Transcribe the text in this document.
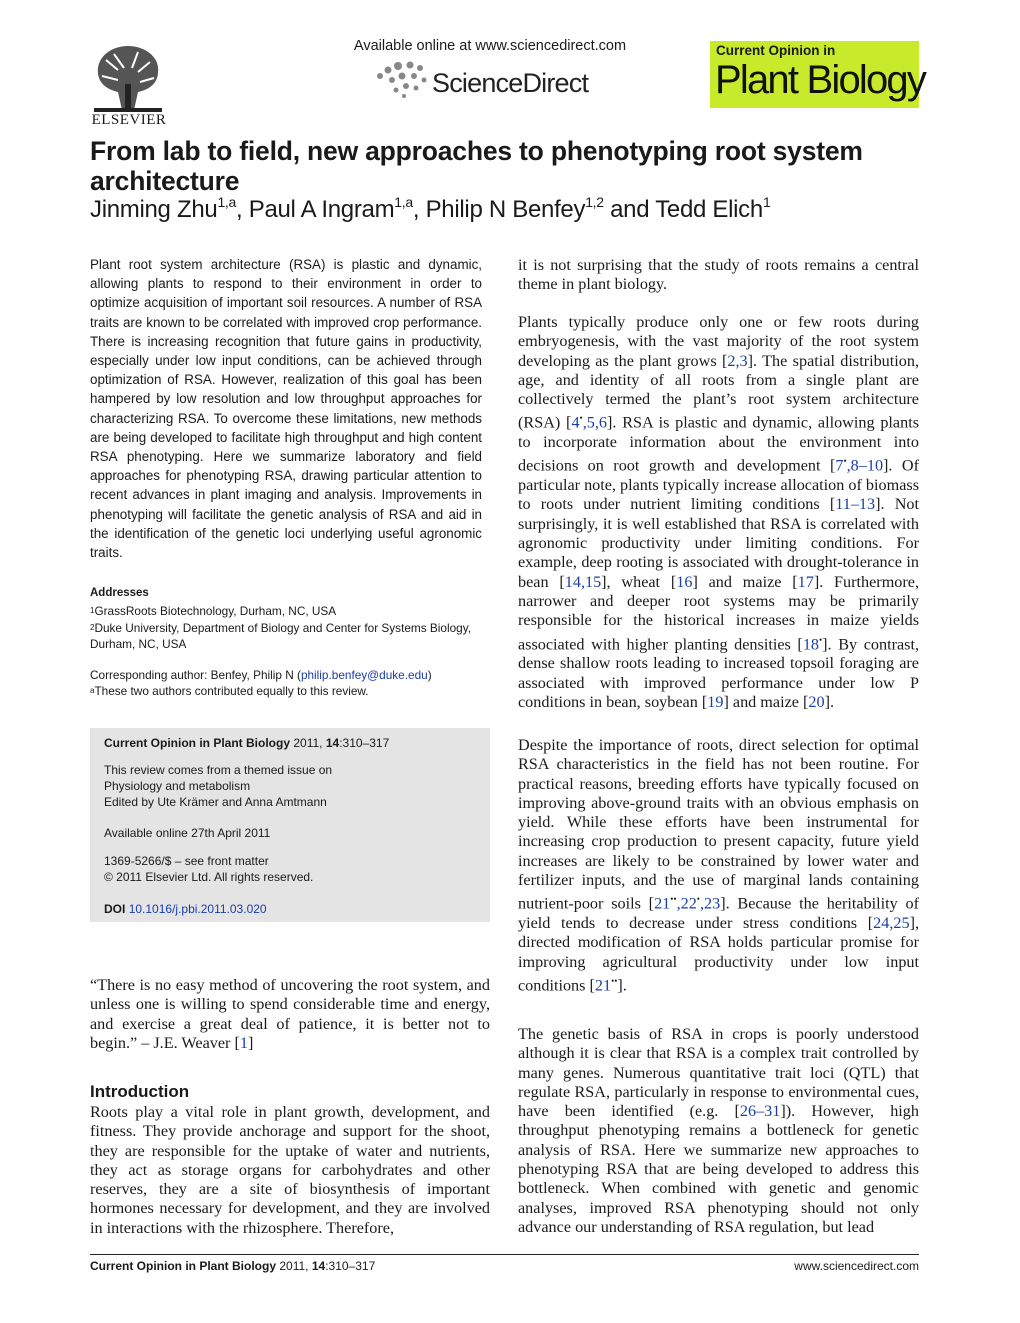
ELSEVIER
Available online at www.sciencedirect.com
ScienceDirect
Current Opinion in
Plant Biology
From lab to field, new approaches to phenotyping root system architecture
Jinming Zhu$^{1,a}$, Paul A Ingram$^{1,a}$, Philip N Benfey$^{1,2}$ and Tedd Elich$^1$
Plant root system architecture (RSA) is plastic and dynamic, allowing plants to respond to their environment in order to optimize acquisition of important soil resources. A number of RSA traits are known to be correlated with improved crop performance. There is increasing recognition that future gains in productivity, especially under low input conditions, can be achieved through optimization of RSA. However, realization of this goal has been hampered by low resolution and low throughput approaches for characterizing RSA. To overcome these limitations, new methods are being developed to facilitate high throughput and high content RSA phenotyping. Here we summarize laboratory and field approaches for phenotyping RSA, drawing particular attention to recent advances in plant imaging and analysis. Improvements in phenotyping will facilitate the genetic analysis of RSA and aid in the identification of the genetic loci underlying useful agronomic traits.
Addresses
$^1$GrassRoots Biotechnology, Durham, NC, USA
$^2$Duke University, Department of Biology and Center for Systems Biology, Durham, NC, USA
Corresponding author: Benfey, Philip N (philip.benfey@duke.edu)
$^a$These two authors contributed equally to this review.
Current Opinion in Plant Biology 2011, 14:310–317
This review comes from a themed issue on
Physiology and metabolism
Edited by Ute Krämer and Anna Amtmann
Available online 27th April 2011
1369-5266/$ – see front matter
© 2011 Elsevier Ltd. All rights reserved.
DOI 10.1016/j.pbi.2011.03.020
“There is no easy method of uncovering the root system, and unless one is willing to spend considerable time and energy, and exercise a great deal of patience, it is better not to begin.” – J.E. Weaver [1]
Introduction
Roots play a vital role in plant growth, development, and fitness. They provide anchorage and support for the shoot, they are responsible for the uptake of water and nutrients, they act as storage organs for carbohydrates and other reserves, they are a site of biosynthesis of important hormones necessary for development, and they are involved in interactions with the rhizosphere. Therefore,
it is not surprising that the study of roots remains a central theme in plant biology.
Plants typically produce only one or few roots during embryogenesis, with the vast majority of the root system developing as the plant grows [2,3]. The spatial distribution, age, and identity of all roots from a single plant are collectively termed the plant’s root system architecture (RSA) [4•,5,6]. RSA is plastic and dynamic, allowing plants to incorporate information about the environment into decisions on root growth and development [7•,8–10]. Of particular note, plants typically increase allocation of biomass to roots under nutrient limiting conditions [11–13]. Not surprisingly, it is well established that RSA is correlated with agronomic productivity under limiting conditions. For example, deep rooting is associated with drought-tolerance in bean [14,15], wheat [16] and maize [17]. Furthermore, narrower and deeper root systems may be primarily responsible for the historical increases in maize yields associated with higher planting densities [18•]. By contrast, dense shallow roots leading to increased topsoil foraging are associated with improved performance under low P conditions in bean, soybean [19] and maize [20].
Despite the importance of roots, direct selection for optimal RSA characteristics in the field has not been routine. For practical reasons, breeding efforts have typically focused on improving above-ground traits with an obvious emphasis on yield. While these efforts have been instrumental for increasing crop production to present capacity, future yield increases are likely to be constrained by lower water and fertilizer inputs, and the use of marginal lands containing nutrient-poor soils [21••,22•,23]. Because the heritability of yield tends to decrease under stress conditions [24,25], directed modification of RSA holds particular promise for improving agricultural productivity under low input conditions [21••].
The genetic basis of RSA in crops is poorly understood although it is clear that RSA is a complex trait controlled by many genes. Numerous quantitative trait loci (QTL) that regulate RSA, particularly in response to environmental cues, have been identified (e.g. [26–31]). However, high throughput phenotyping remains a bottleneck for genetic analysis of RSA. Here we summarize new approaches to phenotyping RSA that are being developed to address this bottleneck. When combined with genetic and genomic analyses, improved RSA phenotyping should not only advance our understanding of RSA regulation, but lead
Current Opinion in Plant Biology 2011, 14:310–317	www.sciencedirect.com
